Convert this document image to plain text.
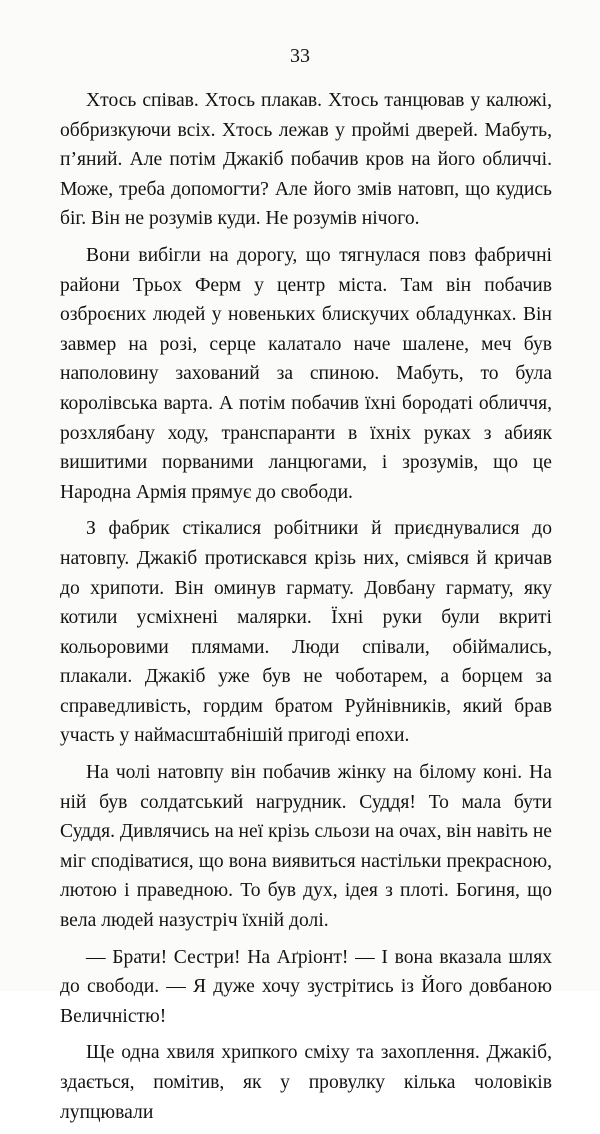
33

Хтось співав. Хтось плакав. Хтось танцював у калюжі, оббризкуючи всіх. Хтось лежав у проймі дверей. Мабуть, п’яний. Але потім Джакіб побачив кров на його обличчі. Може, треба допомогти? Але його змів натовп, що кудись біг. Він не розумів куди. Не розумів нічого.

Вони вибігли на дорогу, що тягнулася повз фабричні райони Трьох Ферм у центр міста. Там він побачив озброєних людей у новеньких блискучих обладунках. Він завмер на розі, серце калатало наче шалене, меч був наполовину захований за спиною. Мабуть, то була королівська варта. А потім побачив їхні бородаті обличчя, розхлябану ходу, транспаранти в їхніх руках з абияк вишитими порваними ланцюгами, і зрозумів, що це Народна Армія прямує до свободи.

З фабрик стікалися робітники й приєднувалися до натовпу. Джакіб протискався крізь них, сміявся й кричав до хрипоти. Він оминув гармату. Довбану гармату, яку котили усміхнені малярки. Їхні руки були вкриті кольоровими плямами. Люди співали, обіймались, плакали. Джакіб уже був не чоботарем, а борцем за справедливість, гордим братом Руйнівників, який брав участь у наймасштабнішій пригоді епохи.

На чолі натовпу він побачив жінку на білому коні. На ній був солдатський нагрудник. Суддя! То мала бути Суддя. Дивлячись на неї крізь сльози на очах, він навіть не міг сподіватися, що вона виявиться настільки прекрасною, лютою і праведною. То був дух, ідея з плоті. Богиня, що вела людей назустріч їхній долі.

— Брати! Сестри! На Аґріонт! — І вона вказала шлях до свободи. — Я дуже хочу зустрітись із Його довбаною Величністю!

Ще одна хвиля хрипкого сміху та захоплення. Джакіб, здається, помітив, як у провулку кілька чоловіків лупцювали
